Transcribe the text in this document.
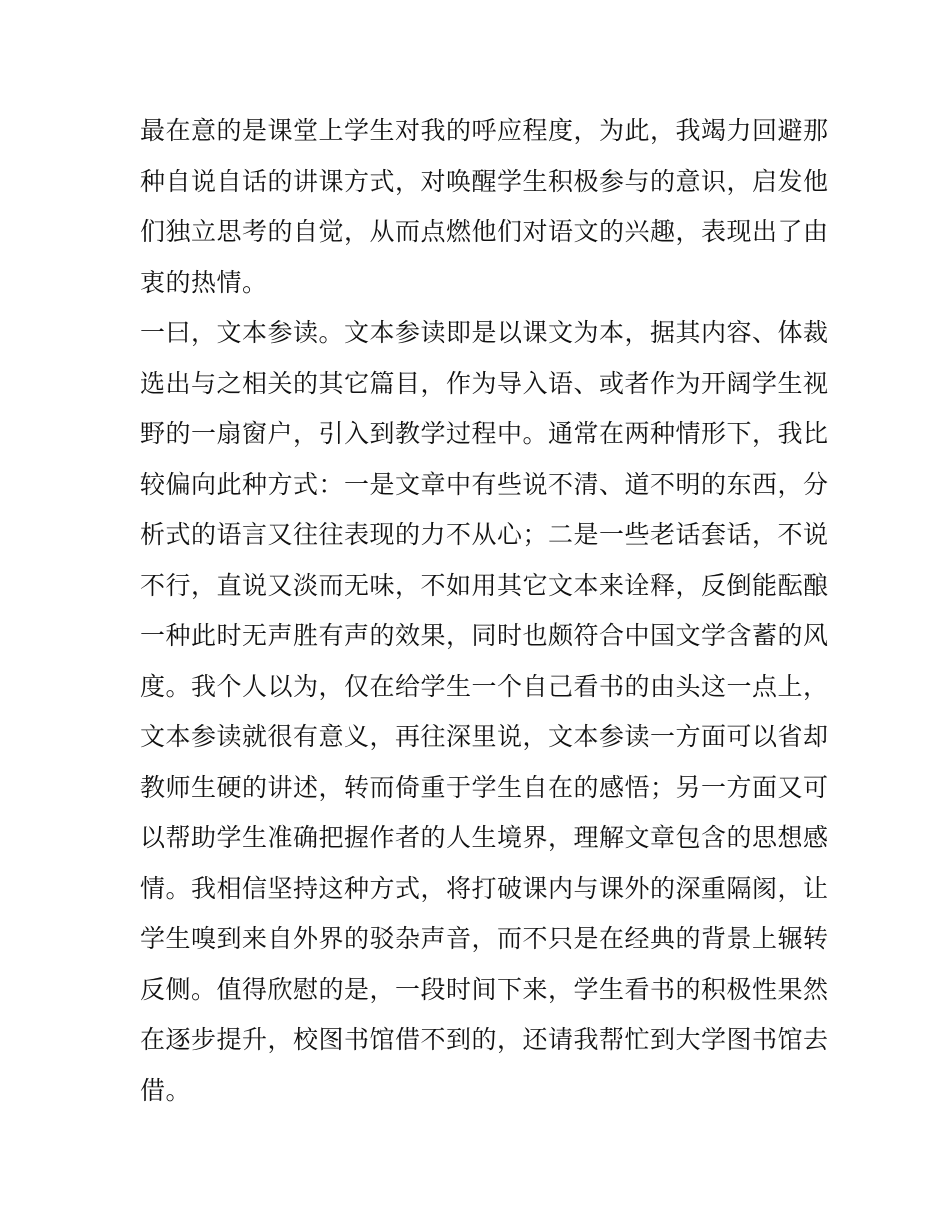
最在意的是课堂上学生对我的呼应程度，为此，我竭力回避那
种自说自话的讲课方式，对唤醒学生积极参与的意识，启发他
们独立思考的自觉，从而点燃他们对语文的兴趣，表现出了由
衷的热情。
一曰，文本参读。文本参读即是以课文为本，据其内容、体裁
选出与之相关的其它篇目，作为导入语、或者作为开阔学生视
野的一扇窗户，引入到教学过程中。通常在两种情形下，我比
较偏向此种方式：一是文章中有些说不清、道不明的东西，分
析式的语言又往往表现的力不从心；二是一些老话套话，不说
不行，直说又淡而无味，不如用其它文本来诠释，反倒能酝酿
一种此时无声胜有声的效果，同时也颇符合中国文学含蓄的风
度。我个人以为，仅在给学生一个自己看书的由头这一点上，
文本参读就很有意义，再往深里说，文本参读一方面可以省却
教师生硬的讲述，转而倚重于学生自在的感悟；另一方面又可
以帮助学生准确把握作者的人生境界，理解文章包含的思想感
情。我相信坚持这种方式，将打破课内与课外的深重隔阂，让
学生嗅到来自外界的驳杂声音，而不只是在经典的背景上辗转
反侧。值得欣慰的是，一段时间下来，学生看书的积极性果然
在逐步提升，校图书馆借不到的，还请我帮忙到大学图书馆去
借。
